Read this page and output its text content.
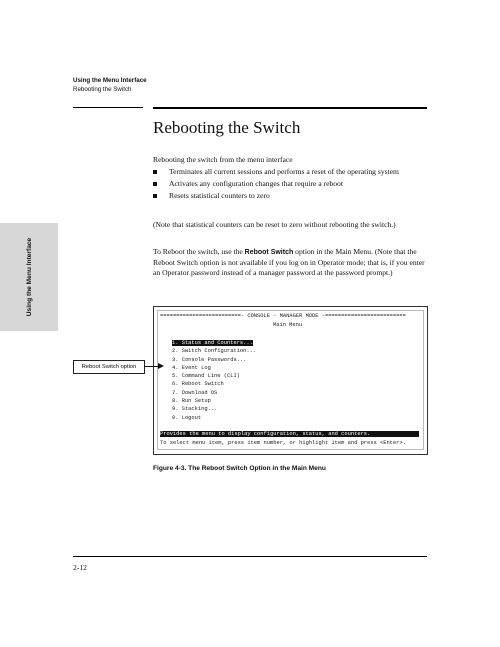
Using the Menu Interface
Rebooting the Switch
Using the Menu Interface
Rebooting the Switch
Rebooting the switch from the menu interface
Terminates all current sessions and performs a reset of the operating system
Activates any configuration changes that require a reboot
Resets statistical counters to zero
(Note that statistical counters can be reset to zero without rebooting the switch.)
To Reboot the switch, use the Reboot Switch option in the Main Menu. (Note that the Reboot Switch option is not available if you log on in Operator mode; that is, if you enter an Operator password instead of a manager password at the password prompt.)
=========================- CONSOLE - MANAGER MODE -=========================
Main Menu
1. Status and Counters...
2. Switch Configuration...
3. Console Passwords...
4. Event Log
5. Command Line (CLI)
6. Reboot Switch
7. Download OS
8. Run Setup
9. Stacking...
0. Logout
Provides the menu to display configuration, status, and counters.
To select menu item, press item number, or highlight item and press <Enter>.
Reboot Switch option
Figure 4-3. The Reboot Switch Option in the Main Menu
2-12
